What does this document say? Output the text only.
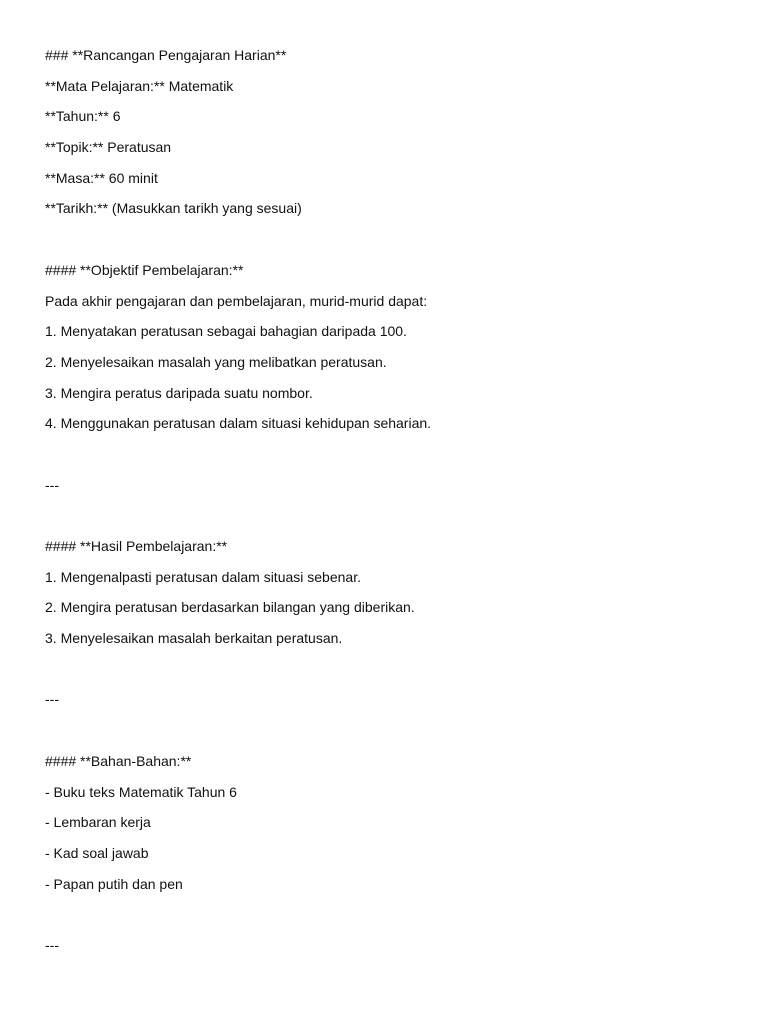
### **Rancangan Pengajaran Harian**
**Mata Pelajaran:** Matematik
**Tahun:** 6
**Topik:** Peratusan
**Masa:** 60 minit
**Tarikh:** (Masukkan tarikh yang sesuai)
#### **Objektif Pembelajaran:**
Pada akhir pengajaran dan pembelajaran, murid-murid dapat:
1. Menyatakan peratusan sebagai bahagian daripada 100.
2. Menyelesaikan masalah yang melibatkan peratusan.
3. Mengira peratus daripada suatu nombor.
4. Menggunakan peratusan dalam situasi kehidupan seharian.
---
#### **Hasil Pembelajaran:**
1. Mengenalpasti peratusan dalam situasi sebenar.
2. Mengira peratusan berdasarkan bilangan yang diberikan.
3. Menyelesaikan masalah berkaitan peratusan.
---
#### **Bahan-Bahan:**
- Buku teks Matematik Tahun 6
- Lembaran kerja
- Kad soal jawab
- Papan putih dan pen
---
